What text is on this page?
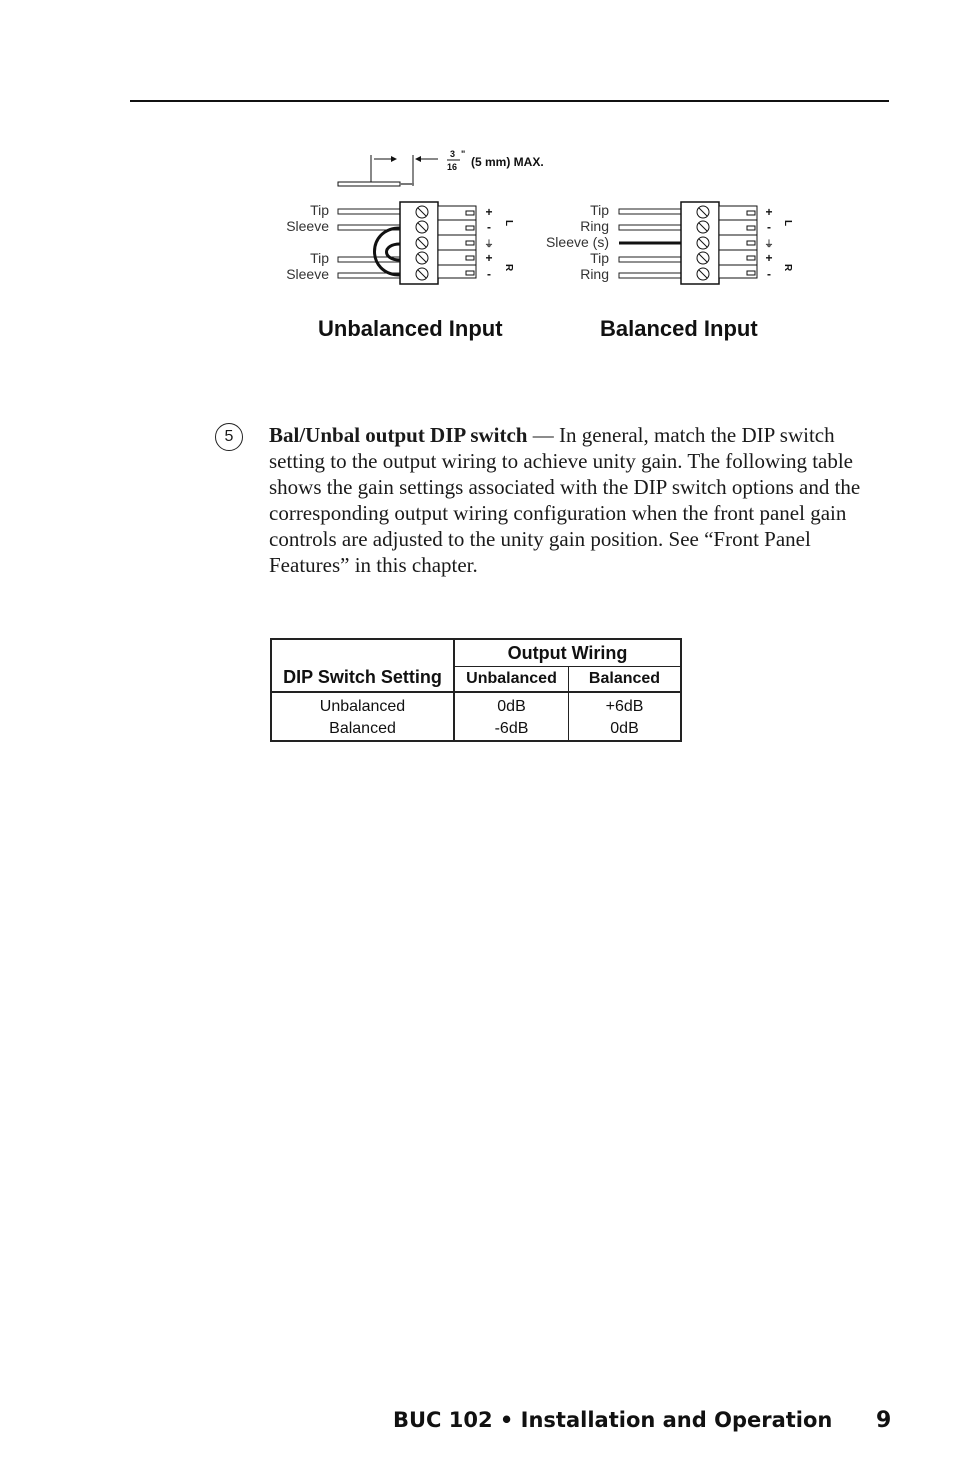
3
16
"
(5 mm) MAX.
Tip
Sleeve
Tip
Sleeve
+
-
⏚
+
-
L
R
Tip
Ring
Sleeve (s)
Tip
Ring
+
-
⏚
+
-
L
R
Unbalanced Input	Balanced Input
5	Bal/Unbal output DIP switch — In general, match the DIP switch setting to the output wiring to achieve unity gain. The following table shows the gain settings associated with the DIP switch options and the corresponding output wiring configuration when the front panel gain controls are adjusted to the unity gain position. See “Front Panel Features” in this chapter.

DIP Switch Setting	Output Wiring	
	Unbalanced	Balanced
Unbalanced	0dB	+6dB
Balanced	-6dB	0dB
BUC 102 • Installation and Operation 9
